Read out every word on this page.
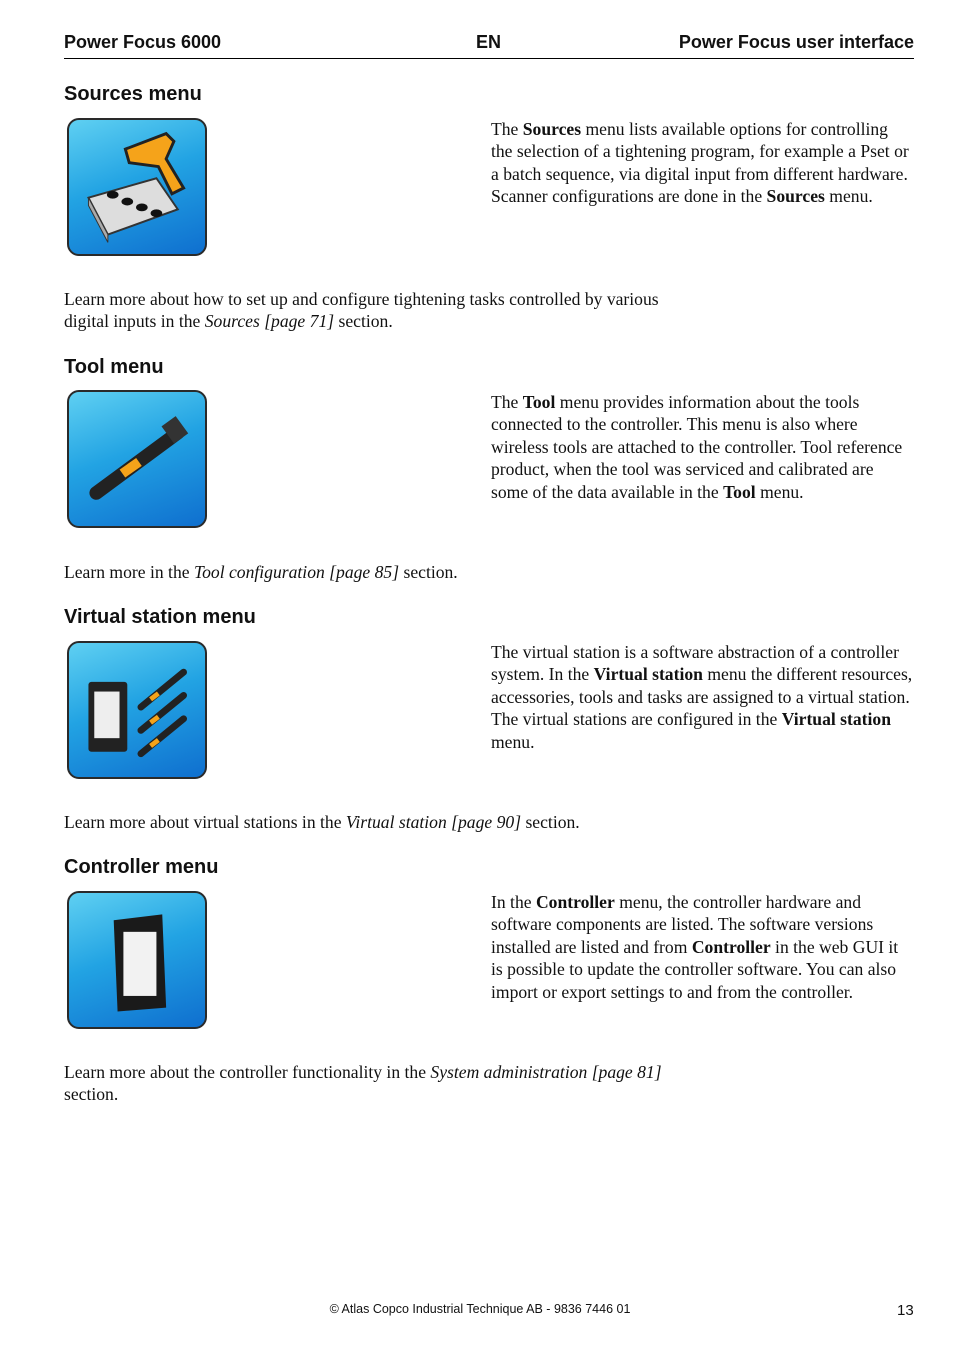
Power Focus 6000	EN	Power Focus user interface
Sources menu
The Sources menu lists available options for controlling the selection of a tightening program, for example a Pset or a batch sequence, via digital input from different hardware. Scanner configurations are done in the Sources menu.
Learn more about how to set up and configure tightening tasks controlled by various digital inputs in the Sources [page 71] section.
Tool menu
The Tool menu provides information about the tools connected to the controller. This menu is also where wireless tools are attached to the controller. Tool reference product, when the tool was serviced and calibrated are some of the data available in the Tool menu.
Learn more in the Tool configuration [page 85] section.
Virtual station menu
The virtual station is a software abstraction of a controller system. In the Virtual station menu the different resources, accessories, tools and tasks are assigned to a virtual station. The virtual stations are configured in the Virtual station menu.
Learn more about virtual stations in the Virtual station [page 90] section.
Controller menu
In the Controller menu, the controller hardware and software components are listed. The software versions installed are listed and from Controller in the web GUI it is possible to update the controller software. You can also import or export settings to and from the controller.
Learn more about the controller functionality in the System administration [page 81] section.
© Atlas Copco Industrial Technique AB - 9836 7446 01	13
